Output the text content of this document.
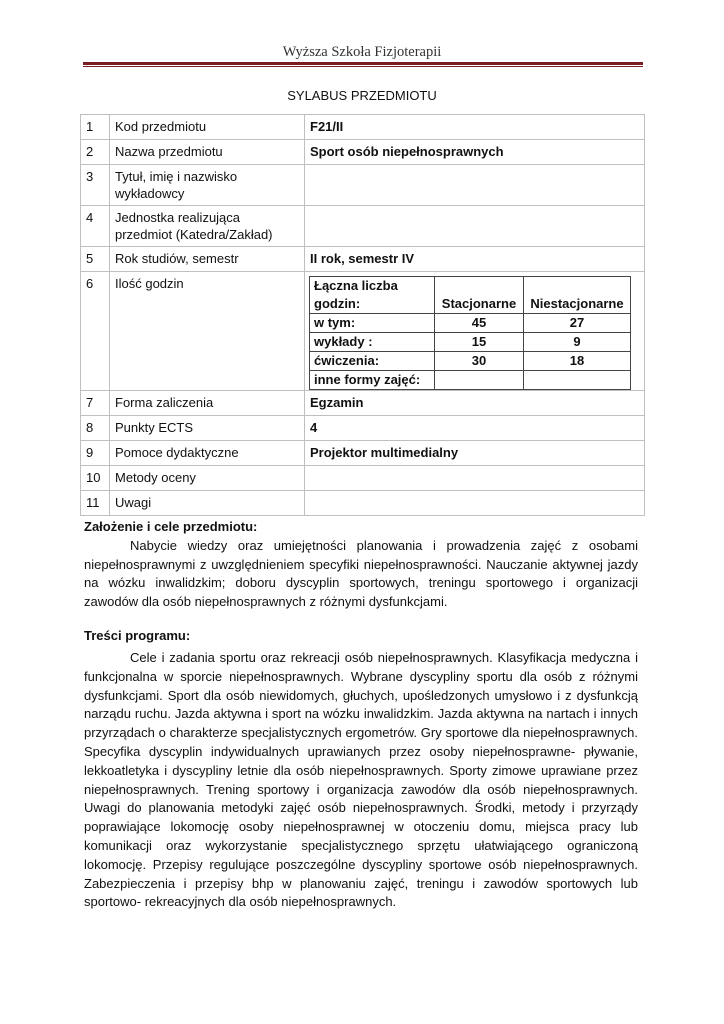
Wyższa Szkoła Fizjoterapii
SYLABUS PRZEDMIOTU
1	Kod przedmiotu	F21/II
2	Nazwa przedmiotu	Sport osób niepełnosprawnych
3	Tytuł, imię i nazwisko wykładowcy	
4	Jednostka realizująca przedmiot (Katedra/Zakład)	
5	Rok studiów, semestr	II rok, semestr IV
6	Ilość godzin		Łączna liczba godzin:	Stacjonarne	Niestacjonarne
w tym:	45	27
wykłady :	15	9
ćwiczenia:	30	18
inne formy zajęć:		

7	Forma zaliczenia	Egzamin
8	Punkty ECTS	4
9	Pomoce dydaktyczne	Projektor multimedialny
10	Metody oceny	
11	Uwagi	
Założenie i cele przedmiotu:
Nabycie wiedzy oraz umiejętności planowania i prowadzenia zajęć z osobami niepełnosprawnymi z uwzględnieniem specyfiki niepełnosprawności. Nauczanie aktywnej jazdy na wózku inwalidzkim; doboru dyscyplin sportowych, treningu sportowego i organizacji zawodów dla osób niepełnosprawnych z różnymi dysfunkcjami.
Treści programu:
Cele i zadania sportu oraz rekreacji osób niepełnosprawnych. Klasyfikacja medyczna i funkcjonalna w sporcie niepełnosprawnych. Wybrane dyscypliny sportu dla osób z różnymi dysfunkcjami. Sport dla osób niewidomych, głuchych, upośledzonych umysłowo i z dysfunkcją narządu ruchu. Jazda aktywna i sport na wózku inwalidzkim. Jazda aktywna na nartach i innych przyrządach o charakterze specjalistycznych ergometrów. Gry sportowe dla niepełnosprawnych. Specyfika dyscyplin indywidualnych uprawianych przez osoby niepełnosprawne- pływanie, lekkoatletyka i dyscypliny letnie dla osób niepełnosprawnych. Sporty zimowe uprawiane przez niepełnosprawnych. Trening sportowy i organizacja zawodów dla osób niepełnosprawnych. Uwagi do planowania metodyki zajęć osób niepełnosprawnych. Środki, metody i przyrządy poprawiające lokomocję osoby niepełnosprawnej w otoczeniu domu, miejsca pracy lub komunikacji oraz wykorzystanie specjalistycznego sprzętu ułatwiającego ograniczoną lokomocję. Przepisy regulujące poszczególne dyscypliny sportowe osób niepełnosprawnych. Zabezpieczenia i przepisy bhp w planowaniu zajęć, treningu i zawodów sportowych lub sportowo- rekreacyjnych dla osób niepełnosprawnych.
